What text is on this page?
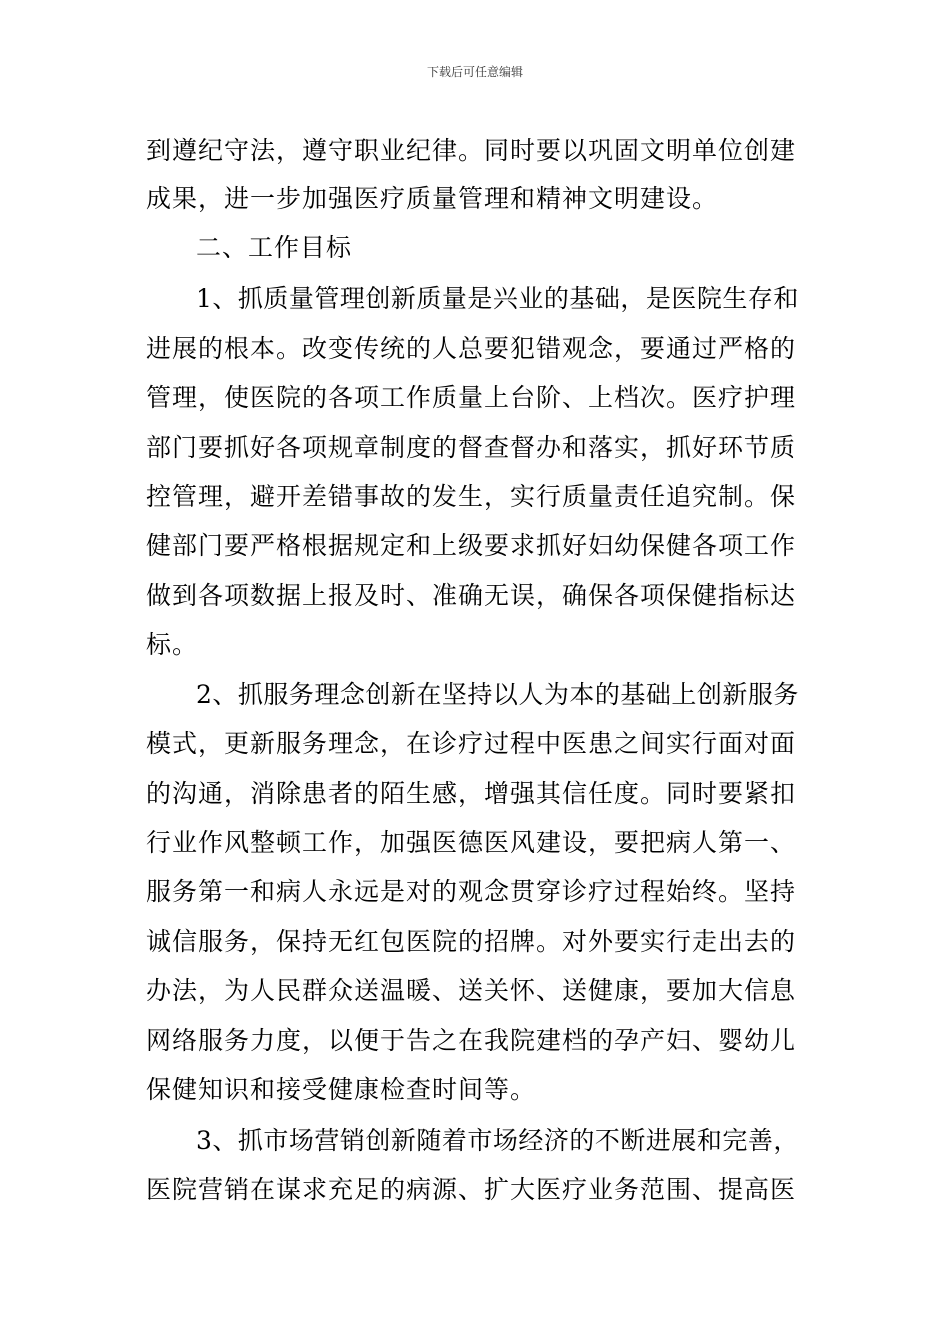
下载后可任意编辑
到遵纪守法，遵守职业纪律。同时要以巩固文明单位创建
成果，进一步加强医疗质量管理和精神文明建设。
二、工作目标
1、抓质量管理创新质量是兴业的基础，是医院生存和
进展的根本。改变传统的人总要犯错观念，要通过严格的
管理，使医院的各项工作质量上台阶、上档次。医疗护理
部门要抓好各项规章制度的督查督办和落实，抓好环节质
控管理，避开差错事故的发生，实行质量责任追究制。保
健部门要严格根据规定和上级要求抓好妇幼保健各项工作
做到各项数据上报及时、准确无误，确保各项保健指标达
标。
2、抓服务理念创新在坚持以人为本的基础上创新服务
模式，更新服务理念，在诊疗过程中医患之间实行面对面
的沟通，消除患者的陌生感，增强其信任度。同时要紧扣
行业作风整顿工作，加强医德医风建设，要把病人第一、
服务第一和病人永远是对的观念贯穿诊疗过程始终。坚持
诚信服务，保持无红包医院的招牌。对外要实行走出去的
办法，为人民群众送温暖、送关怀、送健康，要加大信息
网络服务力度，以便于告之在我院建档的孕产妇、婴幼儿
保健知识和接受健康检查时间等。
3、抓市场营销创新随着市场经济的不断进展和完善，
医院营销在谋求充足的病源、扩大医疗业务范围、提高医
